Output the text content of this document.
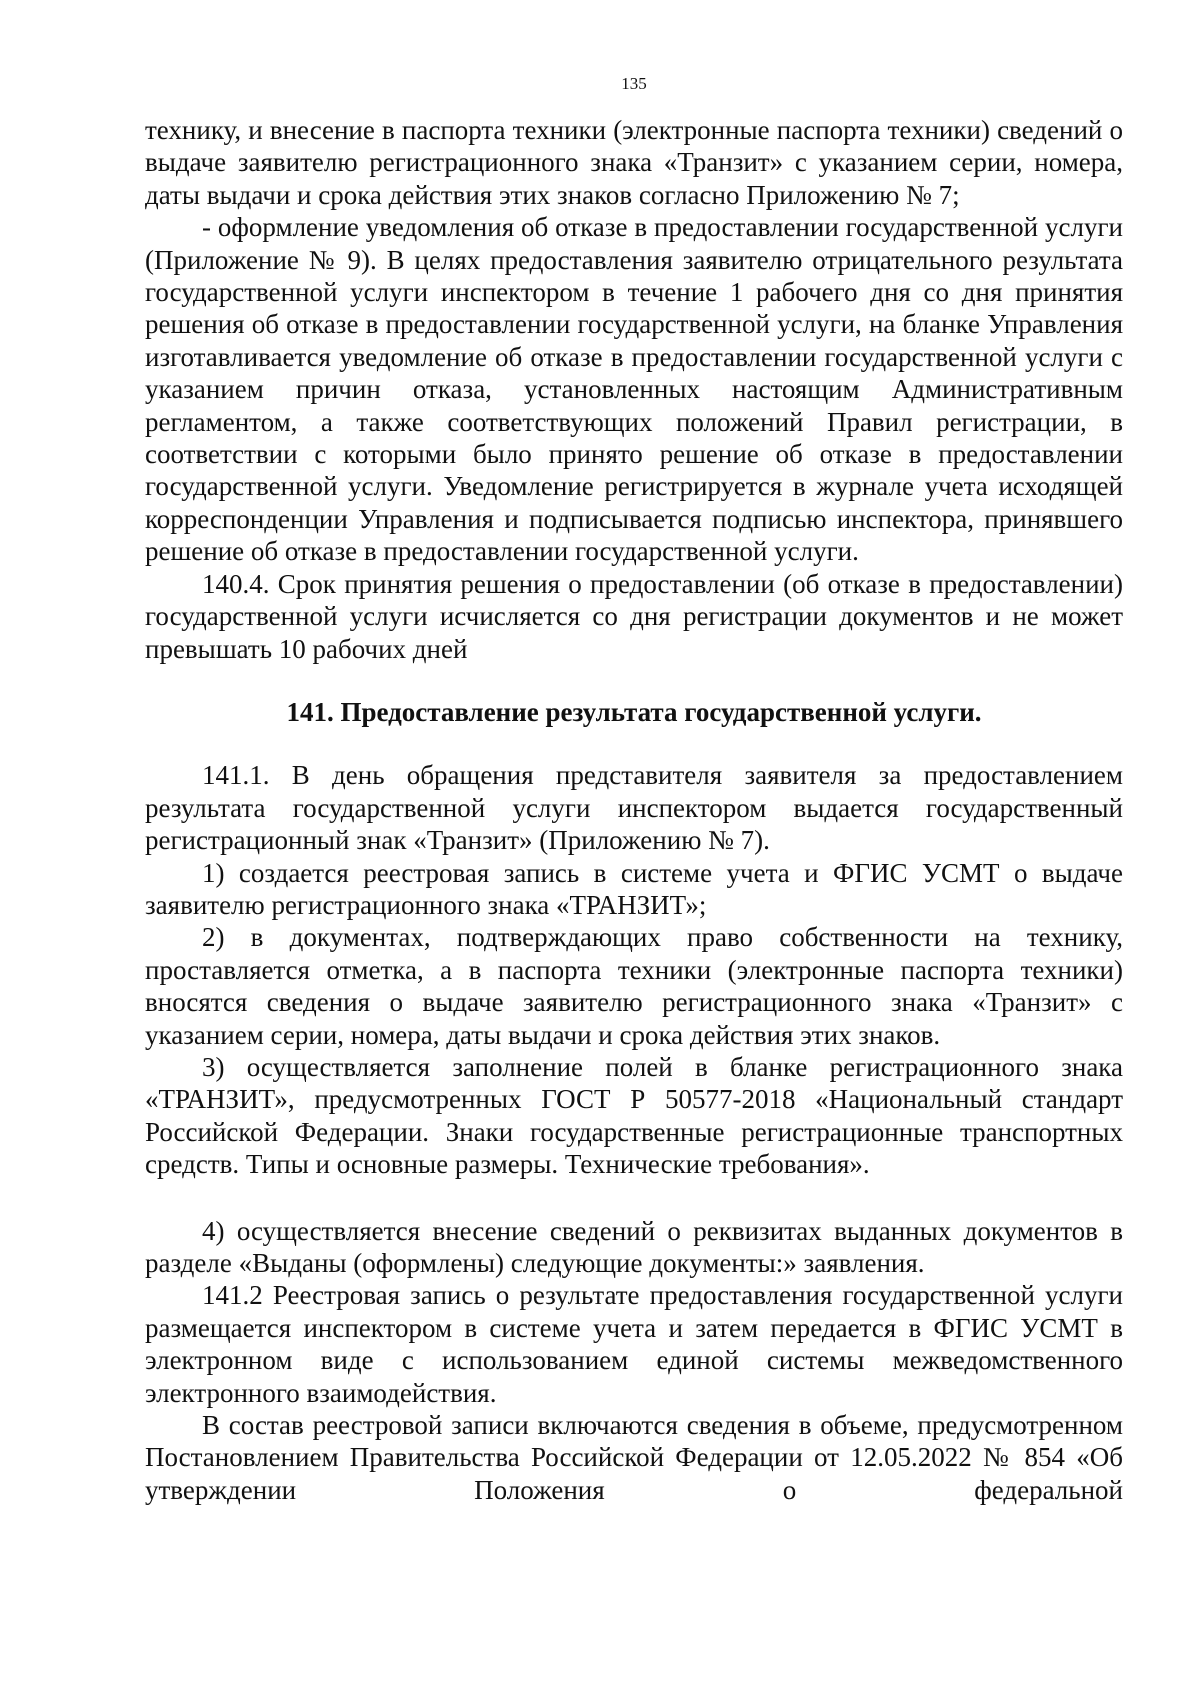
135

технику, и внесение в паспорта техники (электронные паспорта техники) сведений о выдаче заявителю регистрационного знака «Транзит» с указанием серии, номера, даты выдачи и срока действия этих знаков согласно Приложению № 7;

- оформление уведомления об отказе в предоставлении государственной услуги (Приложение № 9). В целях предоставления заявителю отрицательного результата государственной услуги инспектором в течение 1 рабочего дня со дня принятия решения об отказе в предоставлении государственной услуги, на бланке Управления изготавливается уведомление об отказе в предоставлении государственной услуги с указанием причин отказа, установленных настоящим Административным регламентом, а также соответствующих положений Правил регистрации, в соответствии с которыми было принято решение об отказе в предоставлении государственной услуги. Уведомление регистрируется в журнале учета исходящей корреспонденции Управления и подписывается подписью инспектора, принявшего решение об отказе в предоставлении государственной услуги.

140.4. Срок принятия решения о предоставлении (об отказе в предоставлении) государственной услуги исчисляется со дня регистрации документов и не может превышать 10 рабочих дней

141. Предоставление результата государственной услуги.

141.1. В день обращения представителя заявителя за предоставлением результата государственной услуги инспектором выдается государственный регистрационный знак «Транзит» (Приложению № 7).

1) создается реестровая запись в системе учета и ФГИС УСМТ о выдаче заявителю регистрационного знака «ТРАНЗИТ»;

2) в документах, подтверждающих право собственности на технику, проставляется отметка, а в паспорта техники (электронные паспорта техники) вносятся сведения о выдаче заявителю регистрационного знака «Транзит» с указанием серии, номера, даты выдачи и срока действия этих знаков.

3) осуществляется заполнение полей в бланке регистрационного знака «ТРАНЗИТ», предусмотренных ГОСТ Р 50577-2018 «Национальный стандарт Российской Федерации. Знаки государственные регистрационные транспортных средств. Типы и основные размеры. Технические требования».

4) осуществляется внесение сведений о реквизитах выданных документов в разделе «Выданы (оформлены) следующие документы:» заявления.

141.2 Реестровая запись о результате предоставления государственной услуги размещается инспектором в системе учета и затем передается в ФГИС УСМТ в электронном виде с использованием единой системы межведомственного электронного взаимодействия.

В состав реестровой записи включаются сведения в объеме, предусмотренном Постановлением Правительства Российской Федерации от 12.05.2022 № 854 «Об утверждении Положения о федеральной
